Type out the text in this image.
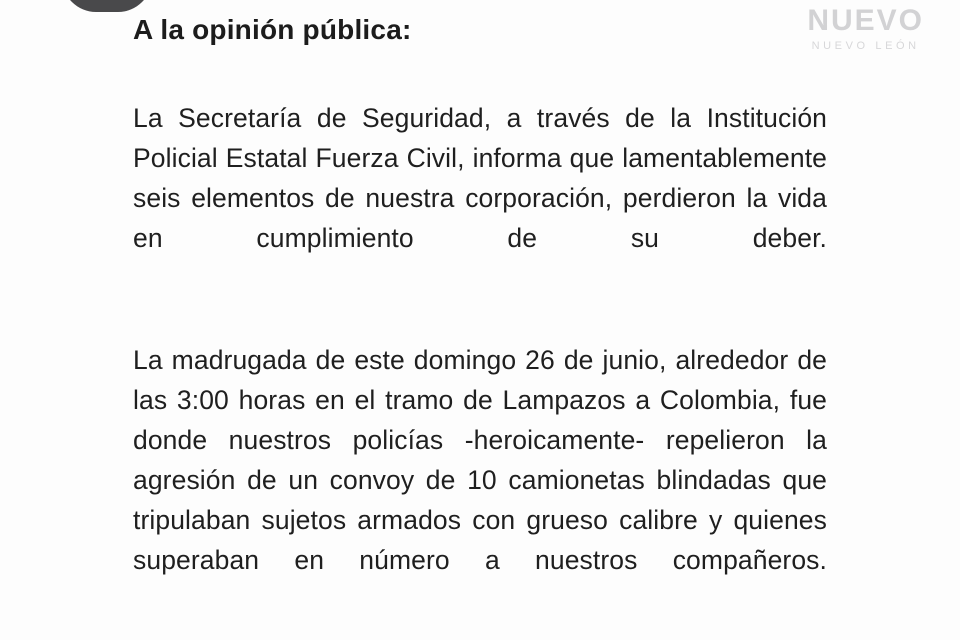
NUEVO
NUEVO LEÓN
A la opinión pública:

La Secretaría de Seguridad, a través de la Institución Policial Estatal Fuerza Civil, informa que lamentablemente seis elementos de nuestra corporación, perdieron la vida en cumplimiento de su deber.

La madrugada de este domingo 26 de junio, alrededor de las 3:00 horas en el tramo de Lampazos a Colombia, fue donde nuestros policías -heroicamente- repelieron la agresión de un convoy de 10 camionetas blindadas que tripulaban sujetos armados con grueso calibre y quienes superaban en número a nuestros compañeros.
